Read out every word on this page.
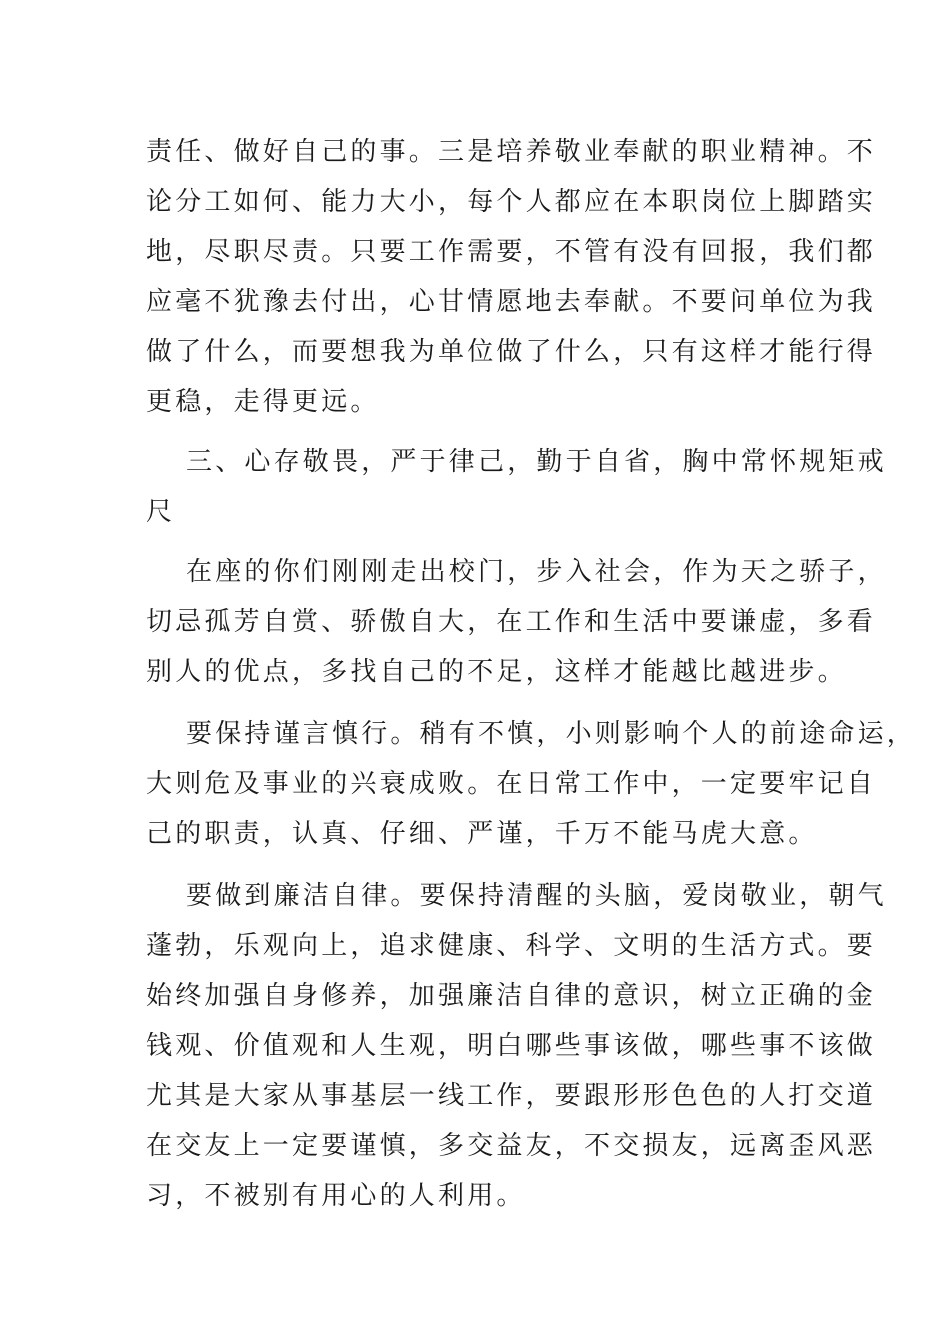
责任、做好自己的事。三是培养敬业奉献的职业精神。不
论分工如何、能力大小，每个人都应在本职岗位上脚踏实
地，尽职尽责。只要工作需要，不管有没有回报，我们都
应毫不犹豫去付出，心甘情愿地去奉献。不要问单位为我
做了什么，而要想我为单位做了什么，只有这样才能行得
更稳，走得更远。
三、心存敬畏，严于律己，勤于自省，胸中常怀规矩戒
尺
在座的你们刚刚走出校门，步入社会，作为天之骄子，
切忌孤芳自赏、骄傲自大，在工作和生活中要谦虚，多看
别人的优点，多找自己的不足，这样才能越比越进步。
要保持谨言慎行。稍有不慎，小则影响个人的前途命运，
大则危及事业的兴衰成败。在日常工作中，一定要牢记自
己的职责，认真、仔细、严谨，千万不能马虎大意。
要做到廉洁自律。要保持清醒的头脑，爱岗敬业，朝气
蓬勃，乐观向上，追求健康、科学、文明的生活方式。要
始终加强自身修养，加强廉洁自律的意识，树立正确的金
钱观、价值观和人生观，明白哪些事该做，哪些事不该做
尤其是大家从事基层一线工作，要跟形形色色的人打交道
在交友上一定要谨慎，多交益友，不交损友，远离歪风恶
习，不被别有用心的人利用。
